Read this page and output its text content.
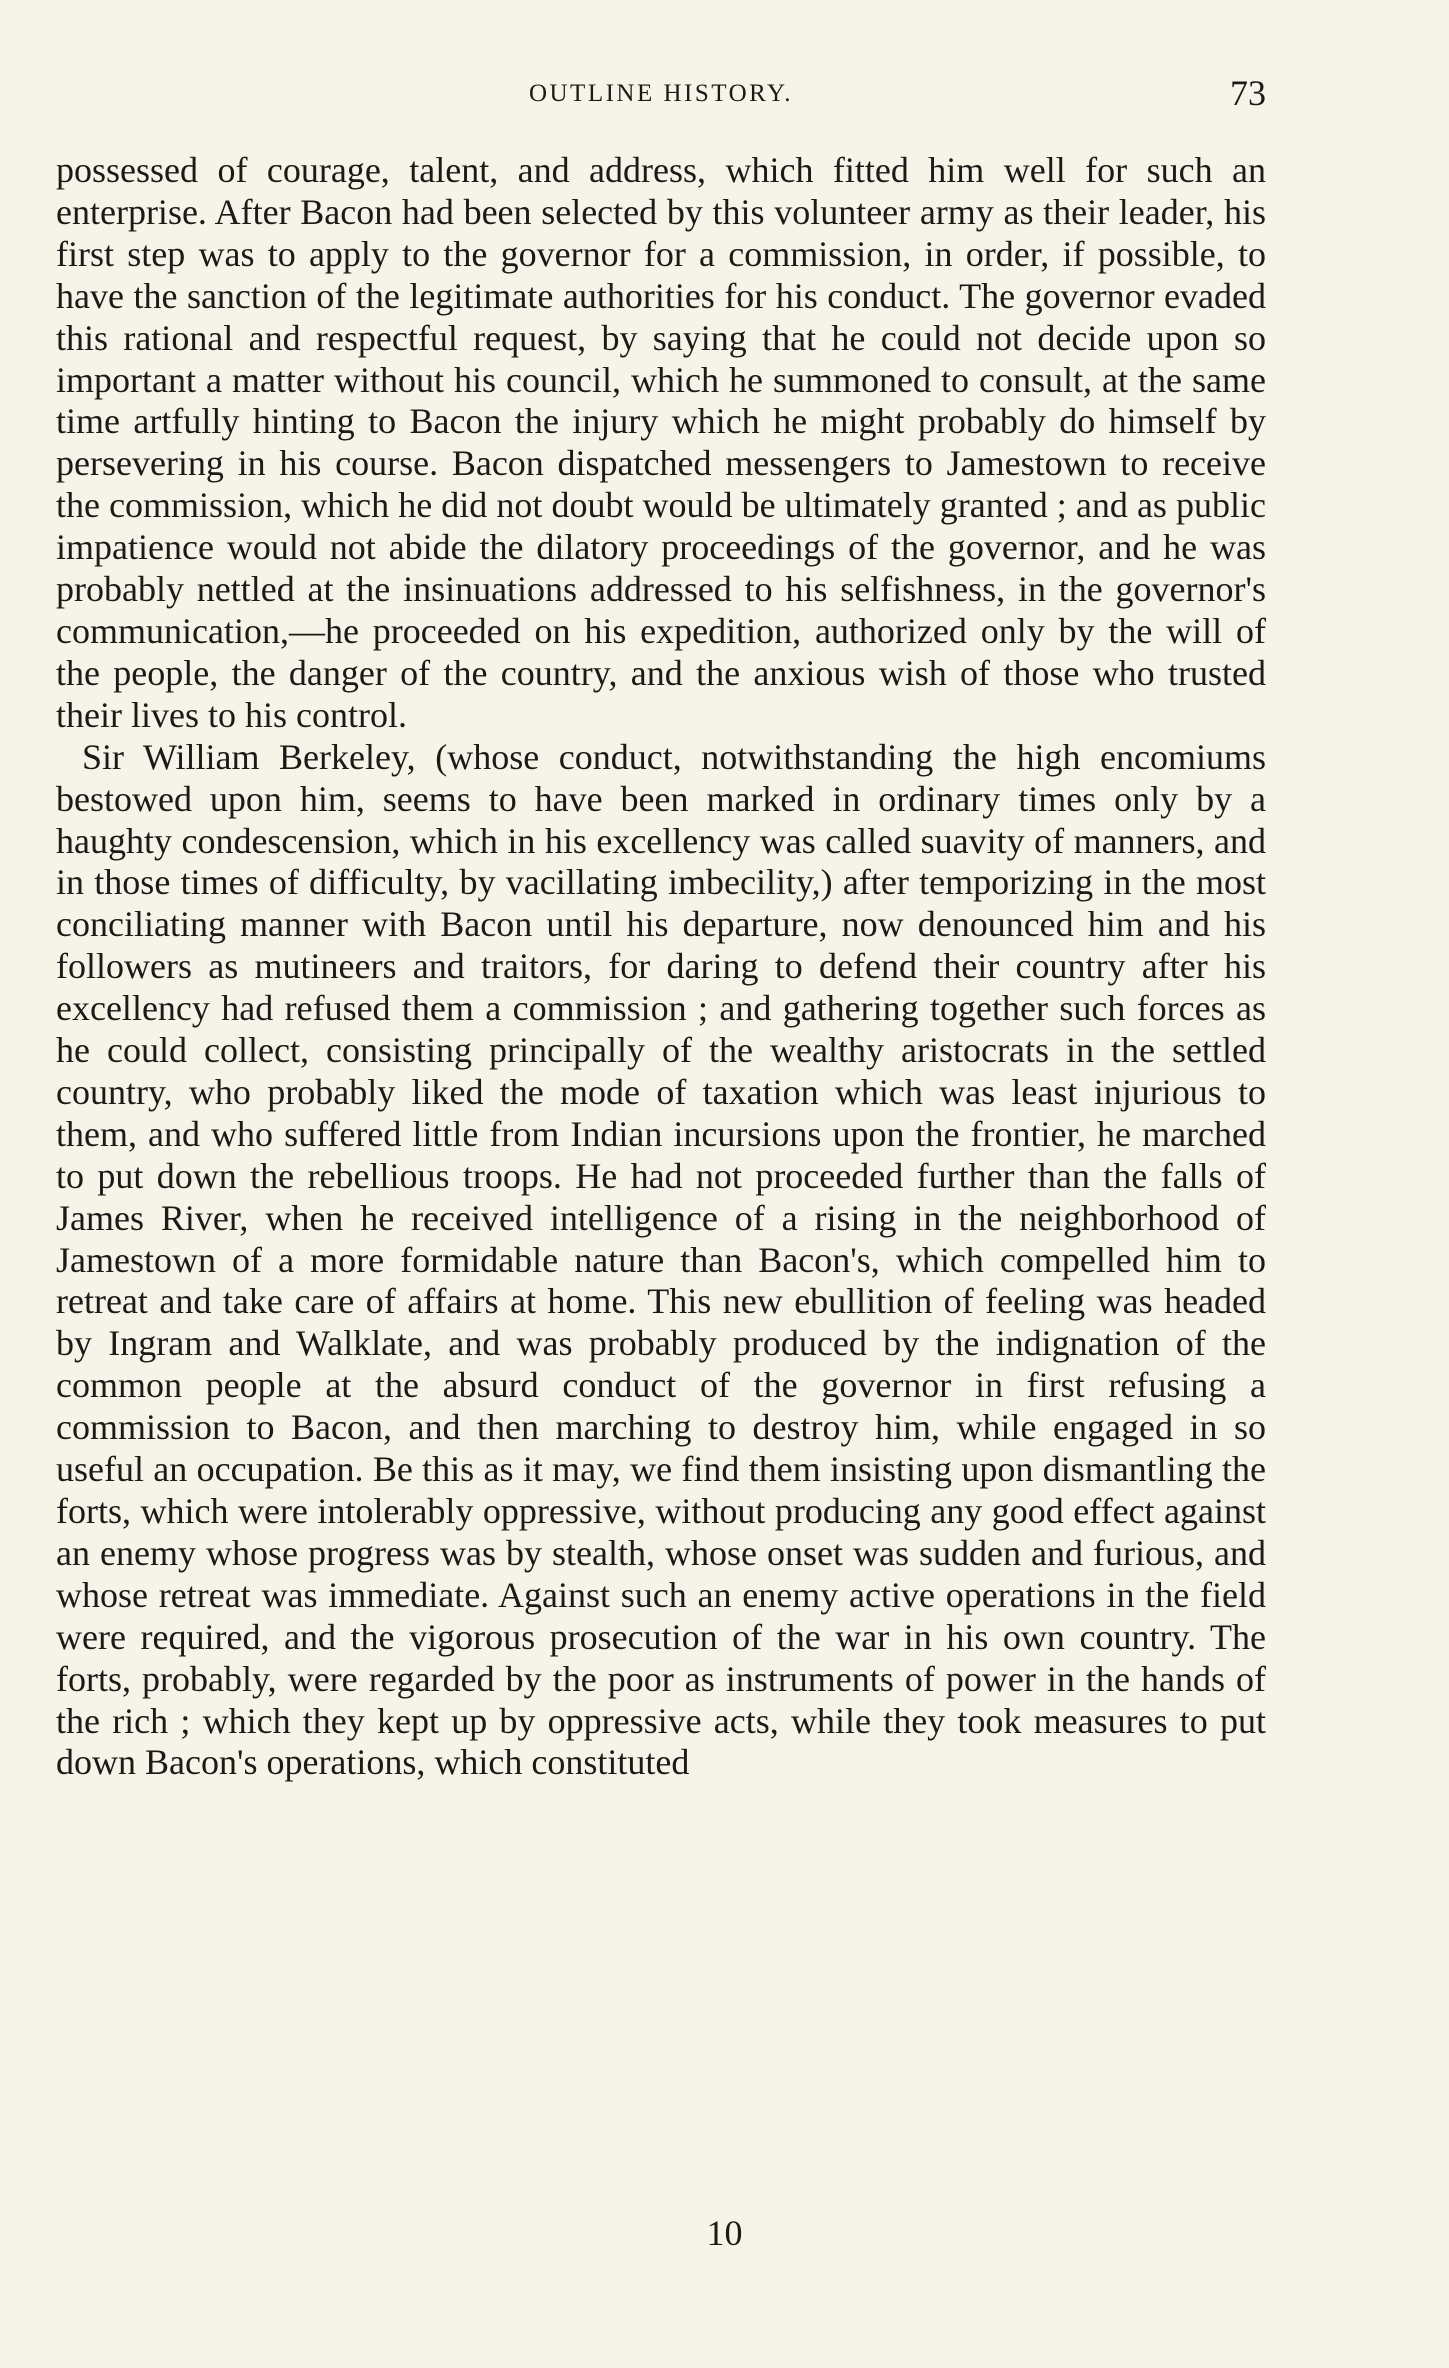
OUTLINE HISTORY.	73

possessed of courage, talent, and address, which fitted him well for such an enterprise. After Bacon had been selected by this volunteer army as their leader, his first step was to apply to the governor for a commission, in order, if possible, to have the sanction of the legitimate authorities for his conduct. The governor evaded this rational and respectful request, by saying that he could not decide upon so important a matter without his council, which he summoned to consult, at the same time artfully hinting to Bacon the injury which he might probably do himself by persevering in his course. Bacon dispatched messengers to Jamestown to receive the commission, which he did not doubt would be ultimately granted ; and as public impatience would not abide the dilatory proceedings of the governor, and he was probably nettled at the insinuations addressed to his selfishness, in the governor's communication,—he proceeded on his expedition, authorized only by the will of the people, the danger of the country, and the anxious wish of those who trusted their lives to his control.

Sir William Berkeley, (whose conduct, notwithstanding the high encomiums bestowed upon him, seems to have been marked in ordinary times only by a haughty condescension, which in his excellency was called suavity of manners, and in those times of difficulty, by vacillating imbecility,) after temporizing in the most conciliating manner with Bacon until his departure, now denounced him and his followers as mutineers and traitors, for daring to defend their country after his excellency had refused them a commission ; and gathering together such forces as he could collect, consisting principally of the wealthy aristocrats in the settled country, who probably liked the mode of taxation which was least injurious to them, and who suffered little from Indian incursions upon the frontier, he marched to put down the rebellious troops. He had not proceeded further than the falls of James River, when he received intelligence of a rising in the neighborhood of Jamestown of a more formidable nature than Bacon's, which compelled him to retreat and take care of affairs at home. This new ebullition of feeling was headed by Ingram and Walklate, and was probably produced by the indignation of the common people at the absurd conduct of the governor in first refusing a commission to Bacon, and then marching to destroy him, while engaged in so useful an occupation. Be this as it may, we find them insisting upon dismantling the forts, which were intolerably oppressive, without producing any good effect against an enemy whose progress was by stealth, whose onset was sudden and furious, and whose retreat was immediate. Against such an enemy active operations in the field were required, and the vigorous prosecution of the war in his own country. The forts, probably, were regarded by the poor as instruments of power in the hands of the rich ; which they kept up by oppressive acts, while they took measures to put down Bacon's operations, which constituted

10
